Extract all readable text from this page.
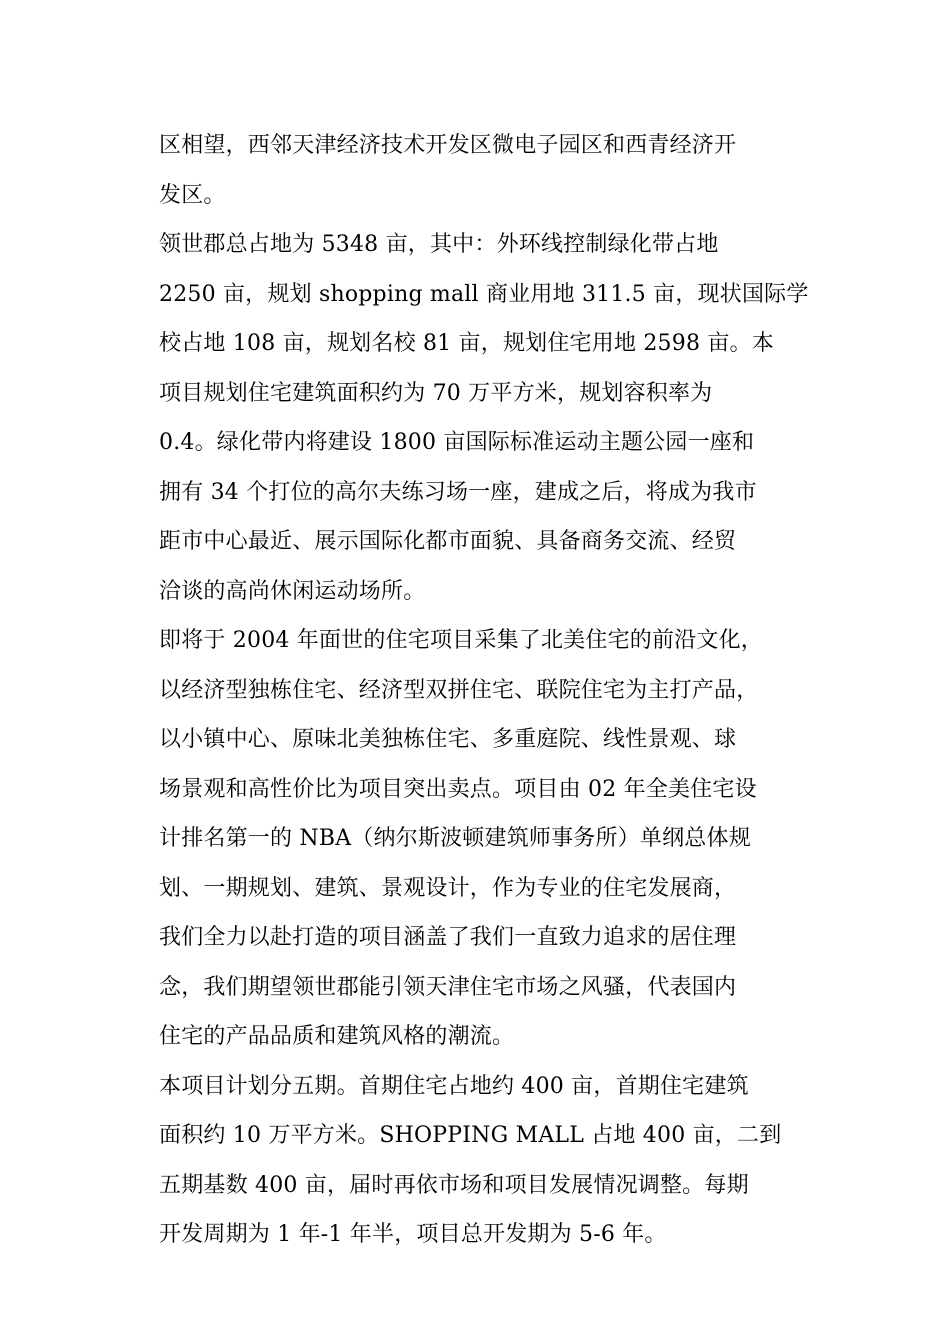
区相望，西邻天津经济技术开发区微电子园区和西青经济开
发区。
领世郡总占地为 5348 亩，其中：外环线控制绿化带占地
2250 亩，规划 shopping mall 商业用地 311.5 亩，现状国际学
校占地 108 亩，规划名校 81 亩，规划住宅用地 2598 亩。本
项目规划住宅建筑面积约为 70 万平方米，规划容积率为
0.4。绿化带内将建设 1800 亩国际标准运动主题公园一座和
拥有 34 个打位的高尔夫练习场一座，建成之后，将成为我市
距市中心最近、展示国际化都市面貌、具备商务交流、经贸
洽谈的高尚休闲运动场所。
即将于 2004 年面世的住宅项目采集了北美住宅的前沿文化，
以经济型独栋住宅、经济型双拼住宅、联院住宅为主打产品，
以小镇中心、原味北美独栋住宅、多重庭院、线性景观、球
场景观和高性价比为项目突出卖点。项目由 02 年全美住宅设
计排名第一的 NBA（纳尔斯波顿建筑师事务所）单纲总体规
划、一期规划、建筑、景观设计，作为专业的住宅发展商，
我们全力以赴打造的项目涵盖了我们一直致力追求的居住理
念，我们期望领世郡能引领天津住宅市场之风骚，代表国内
住宅的产品品质和建筑风格的潮流。
本项目计划分五期。首期住宅占地约 400 亩，首期住宅建筑
面积约 10 万平方米。SHOPPING MALL 占地 400 亩，二到
五期基数 400 亩，届时再依市场和项目发展情况调整。每期
开发周期为 1 年-1 年半，项目总开发期为 5-6 年。
